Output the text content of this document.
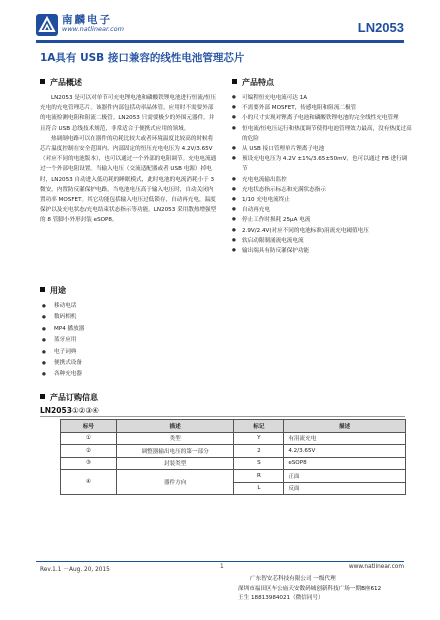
南麟电子
www.natlinear.com	LN2053
1A具有 USB 接口兼容的线性电池管理芯片
产品概述

LN2053 是可以对单节可充电锂电池和磷酸铁锂电池进行恒流/恒压充电的充电管理芯片。该器件内部包括功率晶体管，应用时不需要外部的电流检测电阻和阻流二极管。LN2053 只需要极少的外围元器件，并且符合 USB 总线技术规范，非常适合于便携式应用的领域。

热调制电路可以在器件的功耗比较大或者环境温度比较高的时候将芯片温度控制在安全范围内。内部固定的恒压充电电压为 4.2V/3.65V（对应不同的电池版本），也可以通过一个外部的电阻调节。充电电流通过一个外部电阻设置。当输入电压（交流适配器或者 USB 电源）掉电时，LN2053 自动进入低功耗的睡眠模式，此时电池的电流消耗小于 3 微安。内置防反灌保护电路，当电池电压高于输入电压时，自动关闭内置功率 MOSFET。其它功能包括输入电压过低锁存，自动再充电，温度保护以及充电状态/充电结束状态指示等功能。LN2053 采用散热增强型的 8 管脚小外形封装 eSOP8。

产品特点
● 可编程恒充电电流可达 1A
● 不需要外部 MOSFET，传感电阻和阻流二极管
● 小的尺寸实现对锂离子电池和磷酸铁锂电池的完全线性充电管理
● 恒电流/恒电压运行和热度调节使得电池管理效力最高，没有热度过高的危险
● 从 USB 接口管理单片锂离子电池
● 预设充电电压为 4.2V ±1%/3.65±50mV，也可以通过 FB 进行调节
● 充电电流输出监控
● 充电状态指示标志和充满状态指示
● 1/10 充电电流终止
● 自动再充电
● 停止工作时损耗 25μA 电流
● 2.9V/2.4V(对应不同的电池标准)涓流充电阈值电压
● 软启动限制涌流电流电流
● 输出端具有防反灌保护功能
用途
● 移动电话
● 数码相机
● MP4 播放器
● 蓝牙应用
● 电子词典
● 便携式设备
● 各种充电器
产品订购信息
LN2053①②③④
标号	描述	标记	描述
①	类型	Y	有涓流充电
②	调整器输出电压的第一部分	2	4.2/3.65V
③	封装类型	S	eSOP8
④	器件方向	R	正面
		L	反面
Rev.1.1 －Aug. 20, 2015	1	www.natlinear.com
广东智安芯科技有限公司 一级代理
深圳市福田区车公庙天安数码城创新科技广场一期B座612
王生 18813984021（微信同号）
